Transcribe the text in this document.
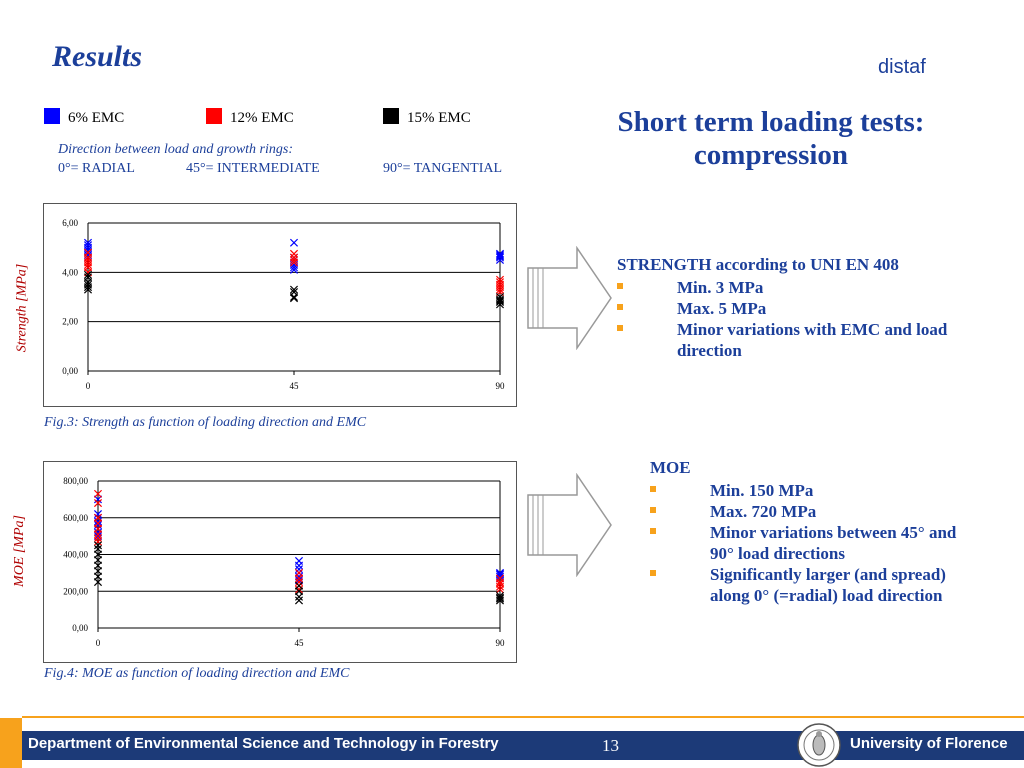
Results	distaf
6% EMC	12% EMC	15% EMC
Direction between load and growth rings:
0°= RADIAL	45°= INTERMEDIATE	90°= TANGENTIAL
Short term loading tests: compression
Strength [MPa]
0,00
2,00
4,00
6,00
0	45	90
Fig.3: Strength as function of loading direction and EMC
MOE [MPa]
0,00
200,00
400,00
600,00
800,00
0	45	90
Fig.4: MOE as function of loading direction and EMC
STRENGTH according to UNI EN 408
Min. 3 MPa
Max. 5 MPa
Minor variations with EMC and load direction
MOE
Min. 150 MPa
Max. 720 MPa
Minor variations between 45° and 90° load directions
Significantly larger (and spread) along 0° (=radial) load direction
Department of Environmental Science and Technology in Forestry	13	University of Florence
